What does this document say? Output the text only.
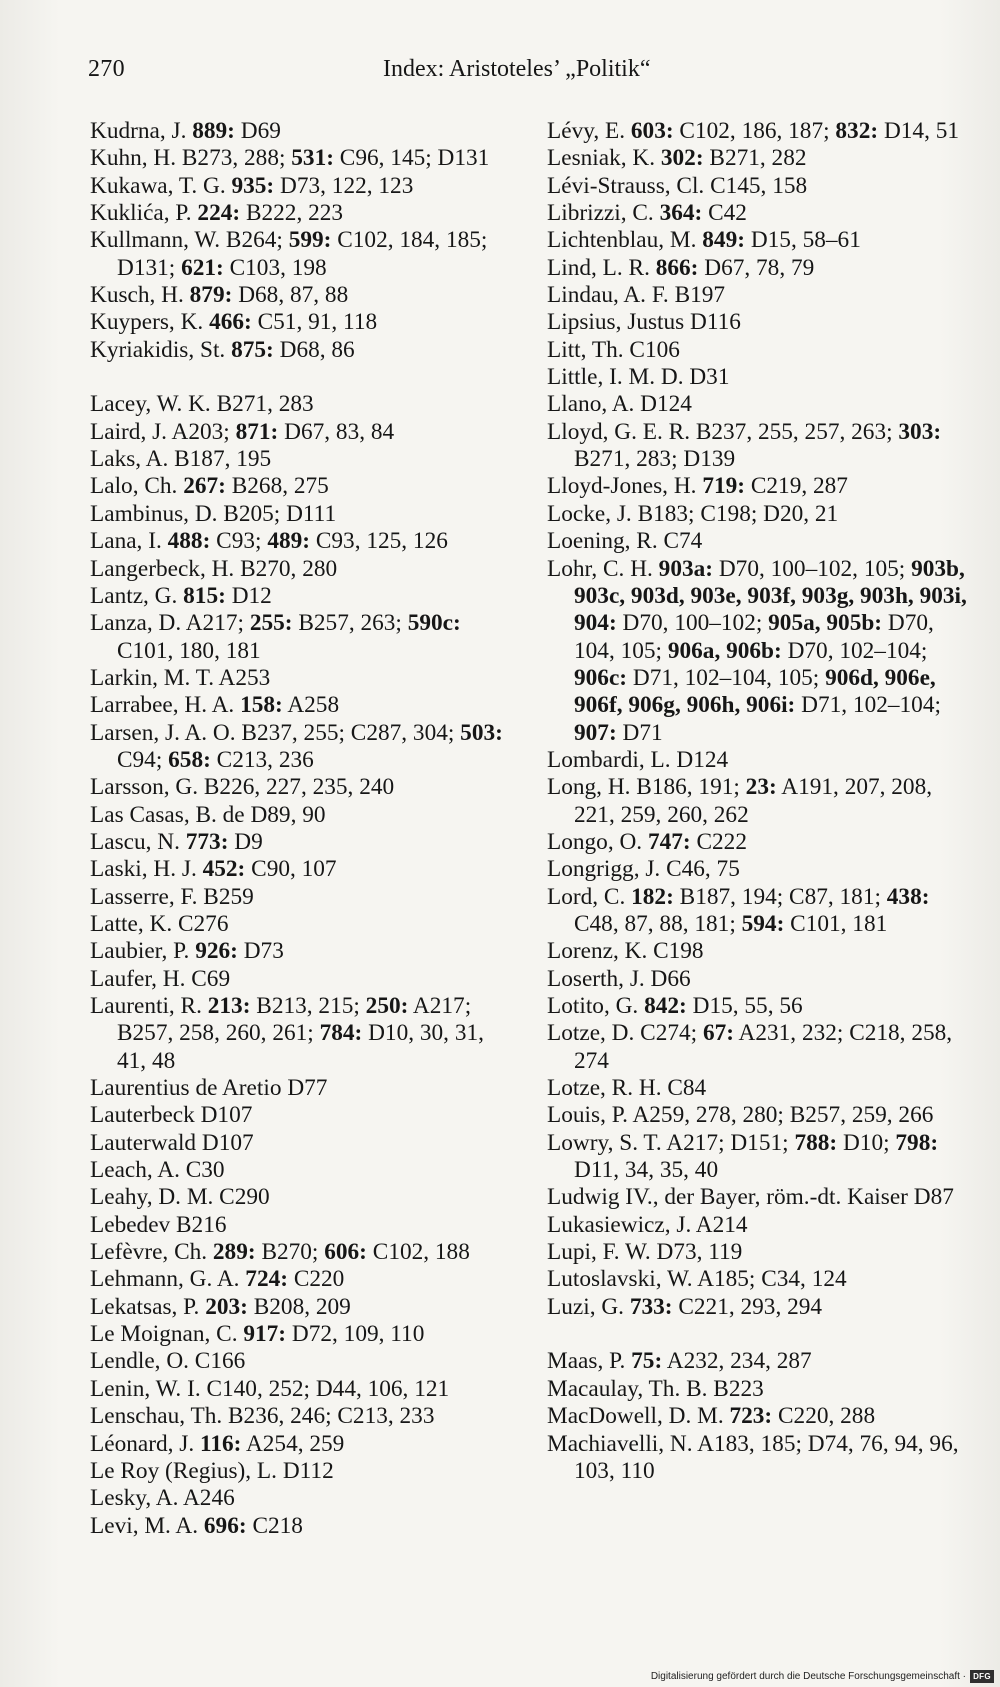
270	Index: Aristoteles’ „Politik“
Kudrna, J. 889: D69
Kuhn, H. B273, 288; 531: C96, 145; D131
Kukawa, T. G. 935: D73, 122, 123
Kuklića, P. 224: B222, 223
Kullmann, W. B264; 599: C102, 184, 185; D131; 621: C103, 198
Kusch, H. 879: D68, 87, 88
Kuypers, K. 466: C51, 91, 118
Kyriakidis, St. 875: D68, 86
Lacey, W. K. B271, 283
Laird, J. A203; 871: D67, 83, 84
Laks, A. B187, 195
Lalo, Ch. 267: B268, 275
Lambinus, D. B205; D111
Lana, I. 488: C93; 489: C93, 125, 126
Langerbeck, H. B270, 280
Lantz, G. 815: D12
Lanza, D. A217; 255: B257, 263; 590c: C101, 180, 181
Larkin, M. T. A253
Larrabee, H. A. 158: A258
Larsen, J. A. O. B237, 255; C287, 304; 503: C94; 658: C213, 236
Larsson, G. B226, 227, 235, 240
Las Casas, B. de D89, 90
Lascu, N. 773: D9
Laski, H. J. 452: C90, 107
Lasserre, F. B259
Latte, K. C276
Laubier, P. 926: D73
Laufer, H. C69
Laurenti, R. 213: B213, 215; 250: A217; B257, 258, 260, 261; 784: D10, 30, 31, 41, 48
Laurentius de Aretio D77
Lauterbeck D107
Lauterwald D107
Leach, A. C30
Leahy, D. M. C290
Lebedev B216
Lefèvre, Ch. 289: B270; 606: C102, 188
Lehmann, G. A. 724: C220
Lekatsas, P. 203: B208, 209
Le Moignan, C. 917: D72, 109, 110
Lendle, O. C166
Lenin, W. I. C140, 252; D44, 106, 121
Lenschau, Th. B236, 246; C213, 233
Léonard, J. 116: A254, 259
Le Roy (Regius), L. D112
Lesky, A. A246
Levi, M. A. 696: C218
Lévy, E. 603: C102, 186, 187; 832: D14, 51
Lesniak, K. 302: B271, 282
Lévi-Strauss, Cl. C145, 158
Librizzi, C. 364: C42
Lichtenblau, M. 849: D15, 58–61
Lind, L. R. 866: D67, 78, 79
Lindau, A. F. B197
Lipsius, Justus D116
Litt, Th. C106
Little, I. M. D. D31
Llano, A. D124
Lloyd, G. E. R. B237, 255, 257, 263; 303: B271, 283; D139
Lloyd-Jones, H. 719: C219, 287
Locke, J. B183; C198; D20, 21
Loening, R. C74
Lohr, C. H. 903a: D70, 100–102, 105; 903b, 903c, 903d, 903e, 903f, 903g, 903h, 903i, 904: D70, 100–102; 905a, 905b: D70, 104, 105; 906a, 906b: D70, 102–104; 906c: D71, 102–104, 105; 906d, 906e, 906f, 906g, 906h, 906i: D71, 102–104; 907: D71
Lombardi, L. D124
Long, H. B186, 191; 23: A191, 207, 208, 221, 259, 260, 262
Longo, O. 747: C222
Longrigg, J. C46, 75
Lord, C. 182: B187, 194; C87, 181; 438: C48, 87, 88, 181; 594: C101, 181
Lorenz, K. C198
Loserth, J. D66
Lotito, G. 842: D15, 55, 56
Lotze, D. C274; 67: A231, 232; C218, 258, 274
Lotze, R. H. C84
Louis, P. A259, 278, 280; B257, 259, 266
Lowry, S. T. A217; D151; 788: D10; 798: D11, 34, 35, 40
Ludwig IV., der Bayer, röm.-dt. Kaiser D87
Lukasiewicz, J. A214
Lupi, F. W. D73, 119
Lutoslavski, W. A185; C34, 124
Luzi, G. 733: C221, 293, 294
Maas, P. 75: A232, 234, 287
Macaulay, Th. B. B223
MacDowell, D. M. 723: C220, 288
Machiavelli, N. A183, 185; D74, 76, 94, 96, 103, 110
Digitalisierung gefördert durch die Deutsche Forschungsgemeinschaft · DFG
